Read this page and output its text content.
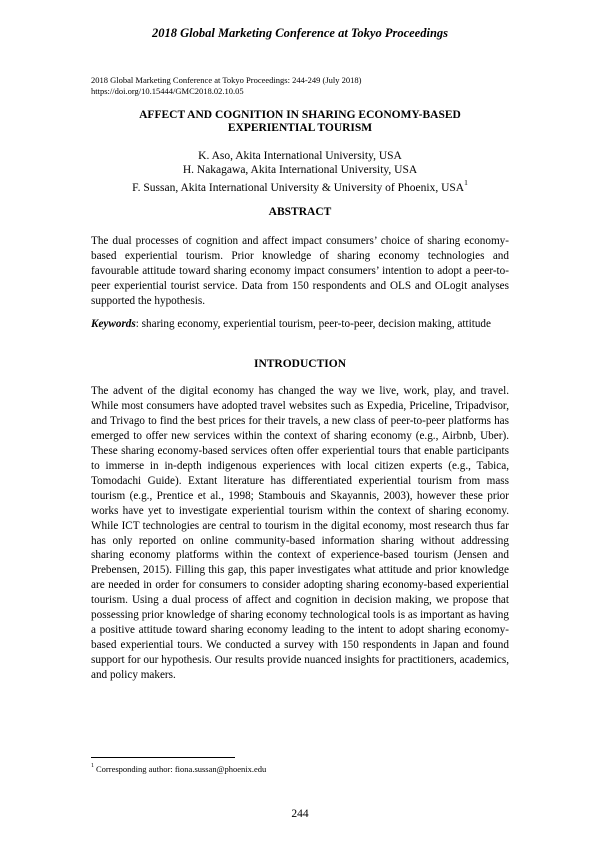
2018 Global Marketing Conference at Tokyo Proceedings
2018 Global Marketing Conference at Tokyo Proceedings: 244-249 (July 2018)
https://doi.org/10.15444/GMC2018.02.10.05
AFFECT AND COGNITION IN SHARING ECONOMY-BASED
EXPERIENTIAL TOURISM
K. Aso, Akita International University, USA
H. Nakagawa, Akita International University, USA
F. Sussan, Akita International University & University of Phoenix, USA$^1$
ABSTRACT
The dual processes of cognition and affect impact consumers’ choice of sharing economy-based experiential tourism. Prior knowledge of sharing economy technologies and favourable attitude toward sharing economy impact consumers’ intention to adopt a peer-to-peer experiential tourist service. Data from 150 respondents and OLS and OLogit analyses supported the hypothesis.
Keywords: sharing economy, experiential tourism, peer-to-peer, decision making, attitude
INTRODUCTION
The advent of the digital economy has changed the way we live, work, play, and travel. While most consumers have adopted travel websites such as Expedia, Priceline, Tripadvisor, and Trivago to find the best prices for their travels, a new class of peer-to-peer platforms has emerged to offer new services within the context of sharing economy (e.g., Airbnb, Uber). These sharing economy-based services often offer experiential tours that enable participants to immerse in in-depth indigenous experiences with local citizen experts (e.g., Tabica, Tomodachi Guide). Extant literature has differentiated experiential tourism from mass tourism (e.g., Prentice et al., 1998; Stambouis and Skayannis, 2003), however these prior works have yet to investigate experiential tourism within the context of sharing economy. While ICT technologies are central to tourism in the digital economy, most research thus far has only reported on online community-based information sharing without addressing sharing economy platforms within the context of experience-based tourism (Jensen and Prebensen, 2015). Filling this gap, this paper investigates what attitude and prior knowledge are needed in order for consumers to consider adopting sharing economy-based experiential tourism. Using a dual process of affect and cognition in decision making, we propose that possessing prior knowledge of sharing economy technological tools is as important as having a positive attitude toward sharing economy leading to the intent to adopt sharing economy-based experiential tours. We conducted a survey with 150 respondents in Japan and found support for our hypothesis. Our results provide nuanced insights for practitioners, academics, and policy makers.
$^1$ Corresponding author: fiona.sussan@phoenix.edu
244
